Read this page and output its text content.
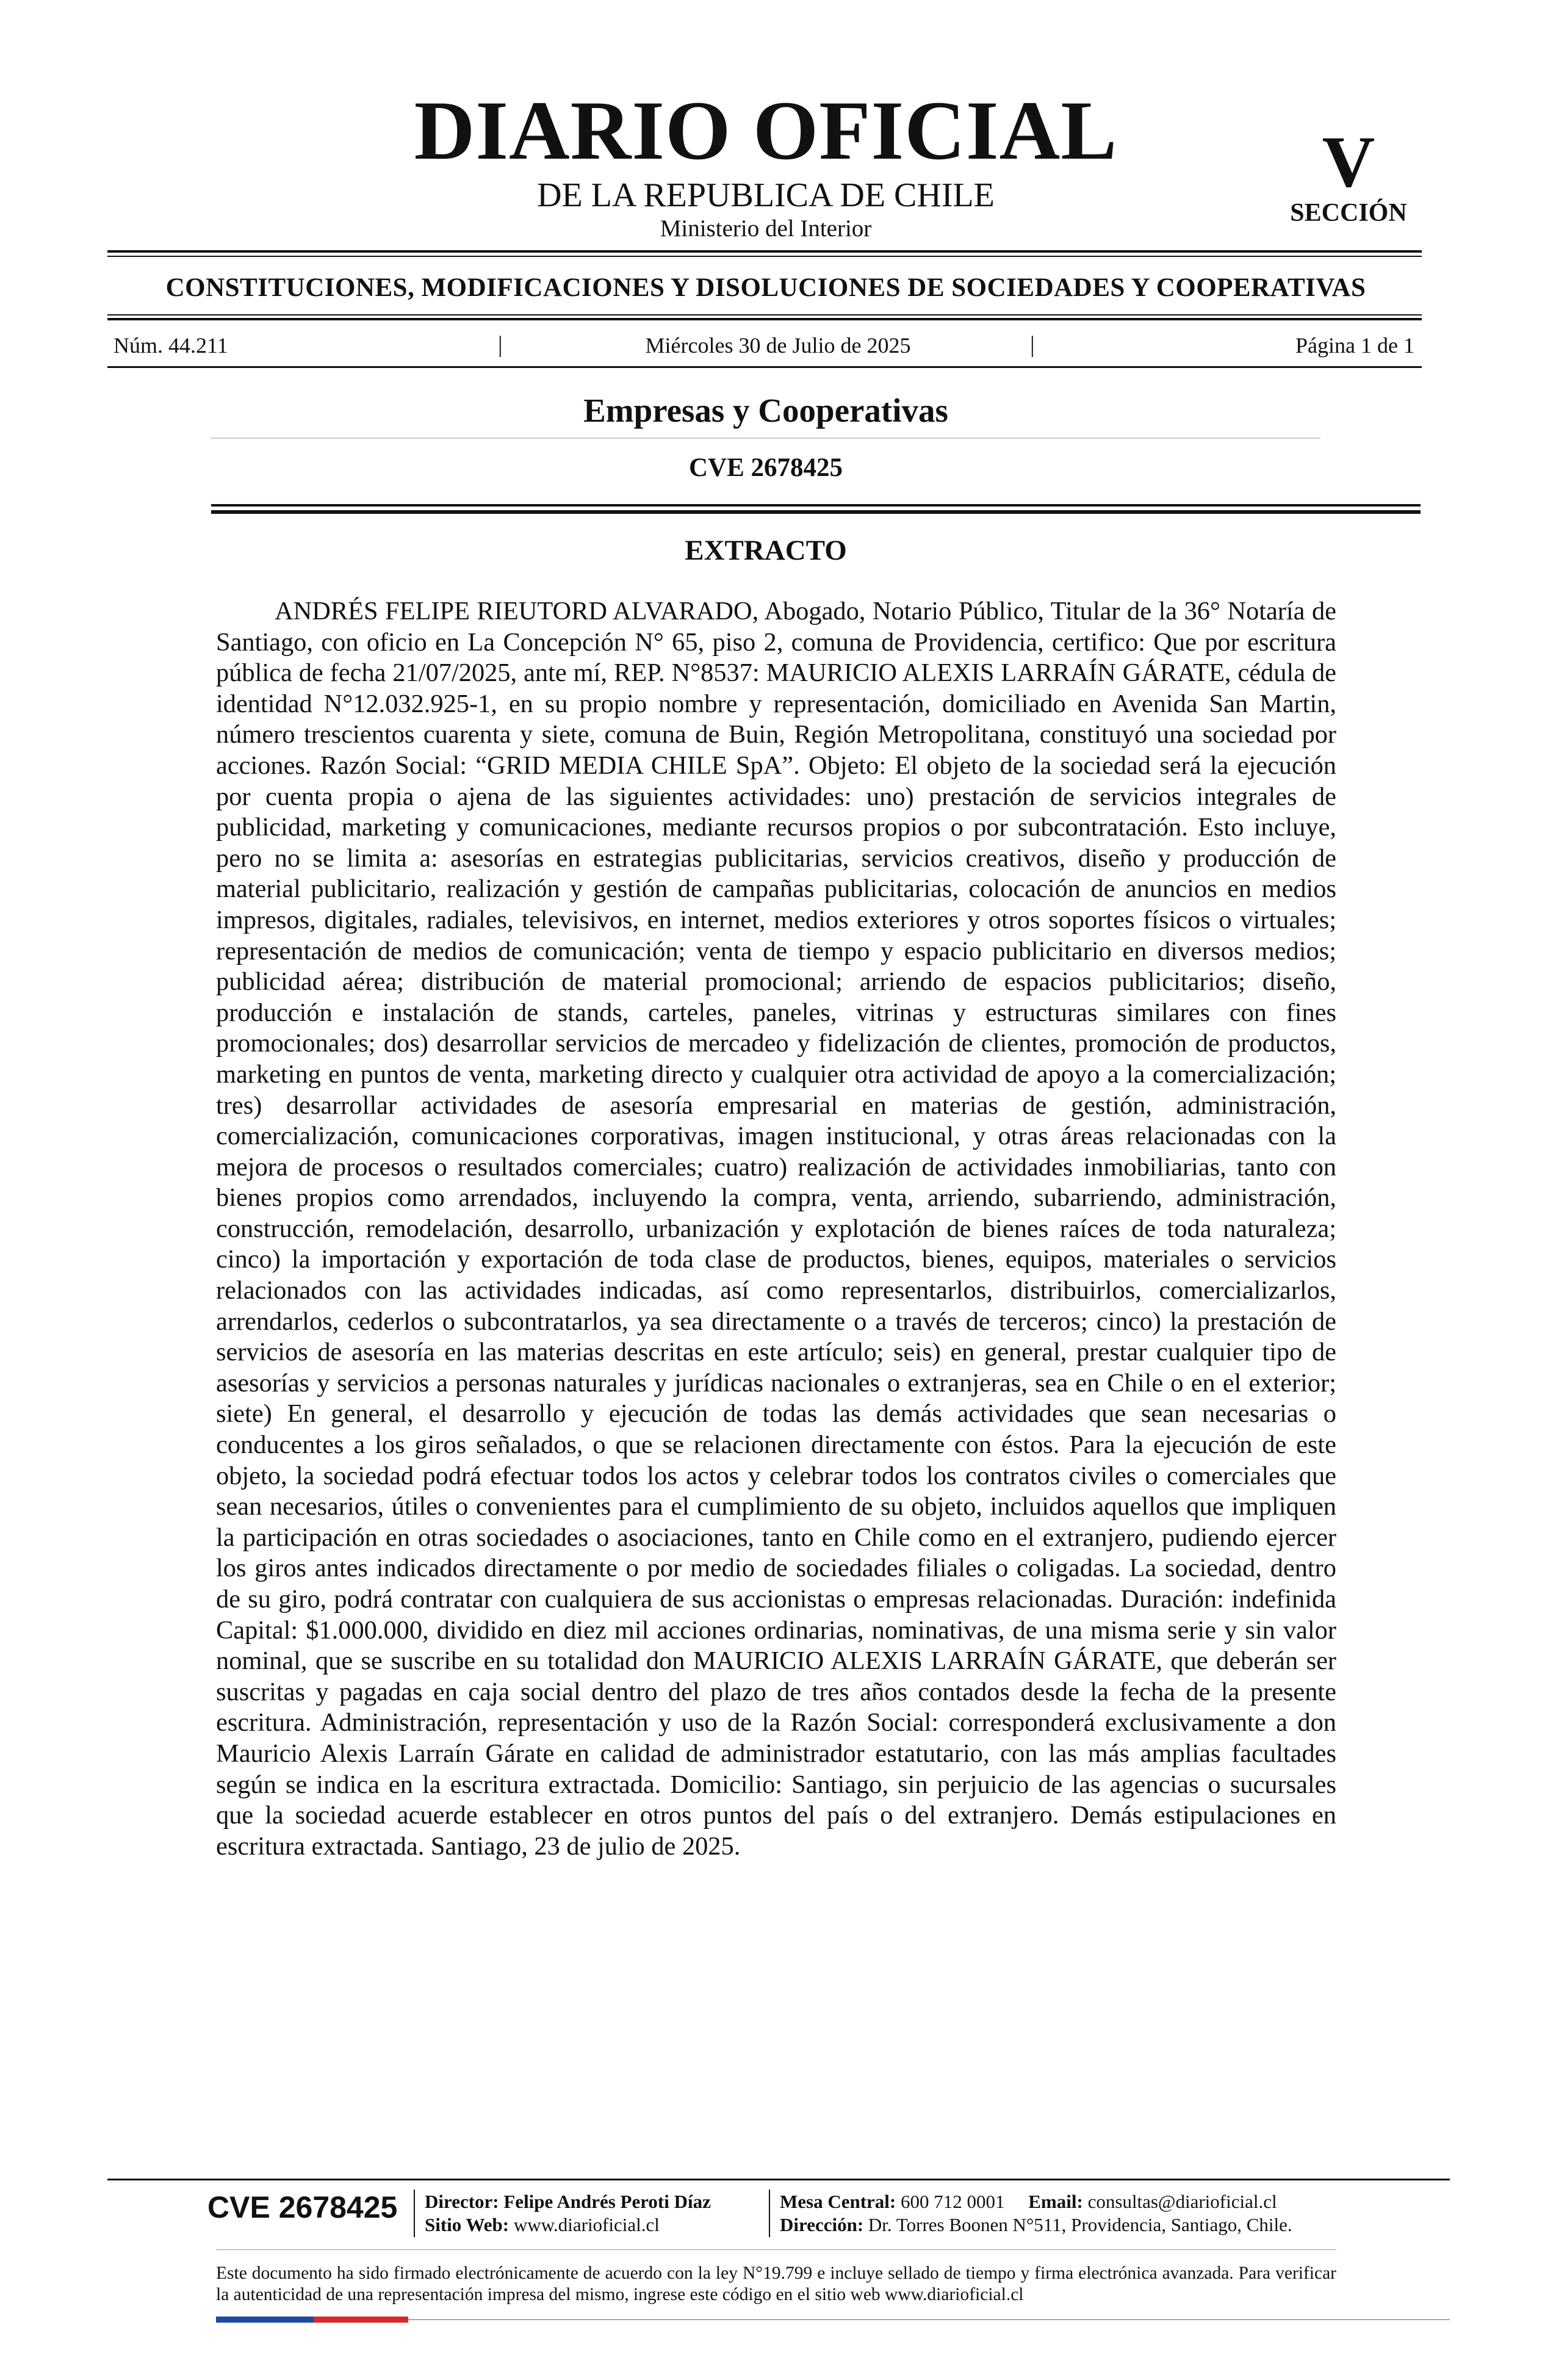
DIARIO OFICIAL
DE LA REPUBLICA DE CHILE
Ministerio del Interior
V
SECCIÓN
CONSTITUCIONES, MODIFICACIONES Y DISOLUCIONES DE SOCIEDADES Y COOPERATIVAS
Núm. 44.211	|	Miércoles 30 de Julio de 2025	|	Página 1 de 1
Empresas y Cooperativas
CVE 2678425
EXTRACTO

ANDRÉS FELIPE RIEUTORD ALVARADO, Abogado, Notario Público, Titular de la 36° Notaría de Santiago, con oficio en La Concepción N° 65, piso 2, comuna de Providencia, certifico: Que por escritura pública de fecha 21/07/2025, ante mí, REP. N°8537: MAURICIO ALEXIS LARRAÍN GÁRATE, cédula de identidad N°12.032.925-1, en su propio nombre y representación, domiciliado en Avenida San Martin, número trescientos cuarenta y siete, comuna de Buin, Región Metropolitana, constituyó una sociedad por acciones. Razón Social: “GRID MEDIA CHILE SpA”. Objeto: El objeto de la sociedad será la ejecución por cuenta propia o ajena de las siguientes actividades: uno) prestación de servicios integrales de publicidad, marketing y comunicaciones, mediante recursos propios o por subcontratación. Esto incluye, pero no se limita a: asesorías en estrategias publicitarias, servicios creativos, diseño y producción de material publicitario, realización y gestión de campañas publicitarias, colocación de anuncios en medios impresos, digitales, radiales, televisivos, en internet, medios exteriores y otros soportes físicos o virtuales; representación de medios de comunicación; venta de tiempo y espacio publicitario en diversos medios; publicidad aérea; distribución de material promocional; arriendo de espacios publicitarios; diseño, producción e instalación de stands, carteles, paneles, vitrinas y estructuras similares con fines promocionales; dos) desarrollar servicios de mercadeo y fidelización de clientes, promoción de productos, marketing en puntos de venta, marketing directo y cualquier otra actividad de apoyo a la comercialización; tres) desarrollar actividades de asesoría empresarial en materias de gestión, administración, comercialización, comunicaciones corporativas, imagen institucional, y otras áreas relacionadas con la mejora de procesos o resultados comerciales; cuatro) realización de actividades inmobiliarias, tanto con bienes propios como arrendados, incluyendo la compra, venta, arriendo, subarriendo, administración, construcción, remodelación, desarrollo, urbanización y explotación de bienes raíces de toda naturaleza; cinco) la importación y exportación de toda clase de productos, bienes, equipos, materiales o servicios relacionados con las actividades indicadas, así como representarlos, distribuirlos, comercializarlos, arrendarlos, cederlos o subcontratarlos, ya sea directamente o a través de terceros; cinco) la prestación de servicios de asesoría en las materias descritas en este artículo; seis) en general, prestar cualquier tipo de asesorías y servicios a personas naturales y jurídicas nacionales o extranjeras, sea en Chile o en el exterior; siete) En general, el desarrollo y ejecución de todas las demás actividades que sean necesarias o conducentes a los giros señalados, o que se relacionen directamente con éstos. Para la ejecución de este objeto, la sociedad podrá efectuar todos los actos y celebrar todos los contratos civiles o comerciales que sean necesarios, útiles o convenientes para el cumplimiento de su objeto, incluidos aquellos que impliquen la participación en otras sociedades o asociaciones, tanto en Chile como en el extranjero, pudiendo ejercer los giros antes indicados directamente o por medio de sociedades filiales o coligadas. La sociedad, dentro de su giro, podrá contratar con cualquiera de sus accionistas o empresas relacionadas. Duración: indefinida Capital: $1.000.000, dividido en diez mil acciones ordinarias, nominativas, de una misma serie y sin valor nominal, que se suscribe en su totalidad don MAURICIO ALEXIS LARRAÍN GÁRATE, que deberán ser suscritas y pagadas en caja social dentro del plazo de tres años contados desde la fecha de la presente escritura. Administración, representación y uso de la Razón Social: corresponderá exclusivamente a don Mauricio Alexis Larraín Gárate en calidad de administrador estatutario, con las más amplias facultades según se indica en la escritura extractada. Domicilio: Santiago, sin perjuicio de las agencias o sucursales que la sociedad acuerde establecer en otros puntos del país o del extranjero. Demás estipulaciones en escritura extractada. Santiago, 23 de julio de 2025.

CVE 2678425 Director: Felipe Andrés Peroti Díaz
Sitio Web: www.diarioficial.cl
Mesa Central: 600 712 0001 Email: consultas@diarioficial.cl
Dirección: Dr. Torres Boonen N°511, Providencia, Santiago, Chile.

Este documento ha sido firmado electrónicamente de acuerdo con la ley N°19.799 e incluye sellado de tiempo y firma electrónica avanzada. Para verificar la autenticidad de una representación impresa del mismo, ingrese este código en el sitio web www.diarioficial.cl
